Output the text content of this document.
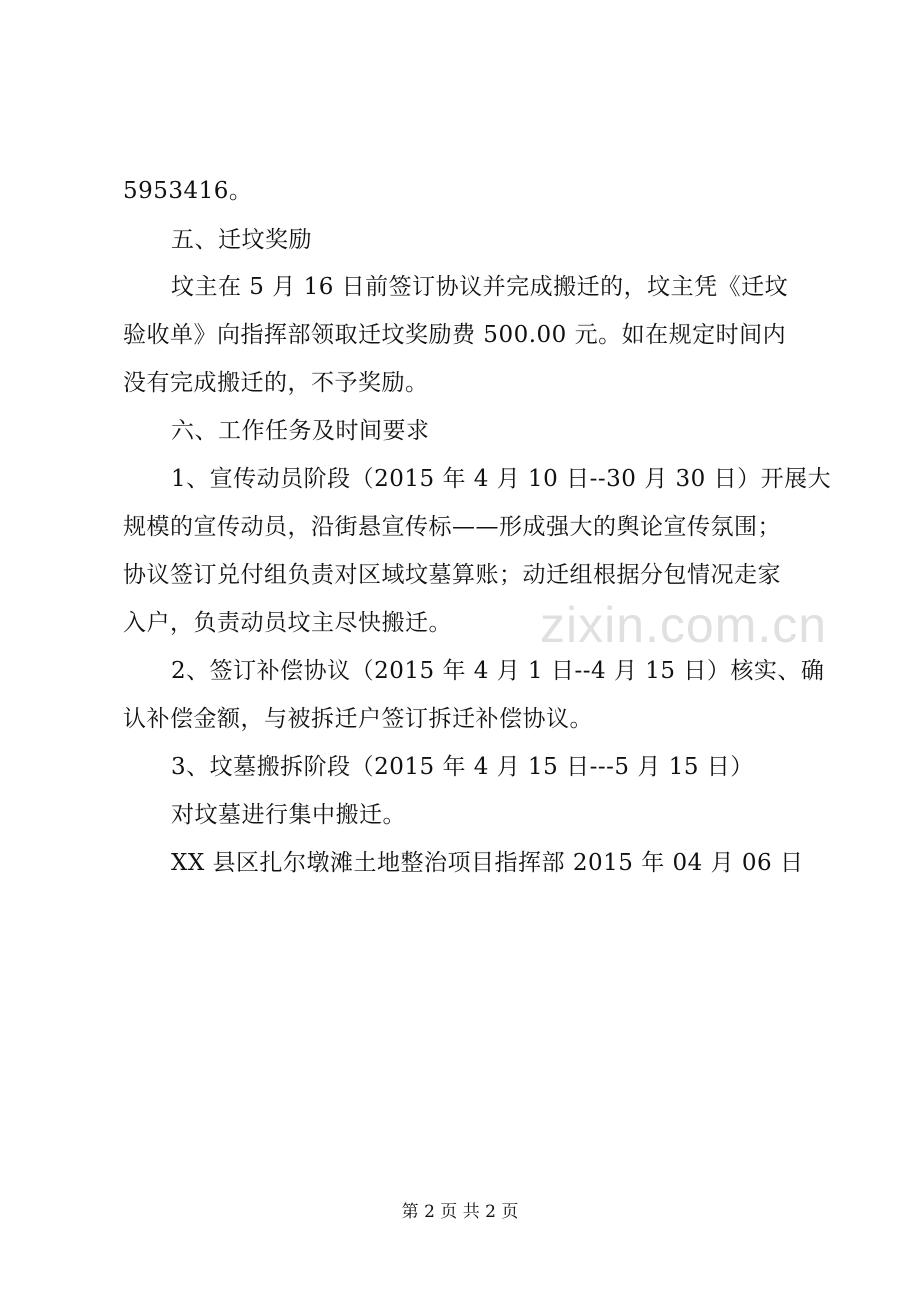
5953416。
五、迁坟奖励
坟主在 5 月 16 日前签订协议并完成搬迁的，坟主凭《迁坟
验收单》向指挥部领取迁坟奖励费 500.00 元。如在规定时间内
没有完成搬迁的，不予奖励。
六、工作任务及时间要求
1、宣传动员阶段（2015 年 4 月 10 日--30 月 30 日）开展大
规模的宣传动员，沿街悬宣传标——形成强大的舆论宣传氛围；
协议签订兑付组负责对区域坟墓算账；动迁组根据分包情况走家
入户，负责动员坟主尽快搬迁。
2、签订补偿协议（2015 年 4 月 1 日--4 月 15 日）核实、确
认补偿金额，与被拆迁户签订拆迁补偿协议。
3、坟墓搬拆阶段（2015 年 4 月 15 日---5 月 15 日）
对坟墓进行集中搬迁。
XX 县区扎尔墩滩土地整治项目指挥部 2015 年 04 月 06 日
zixin.com.cn
第 2 页 共 2 页
